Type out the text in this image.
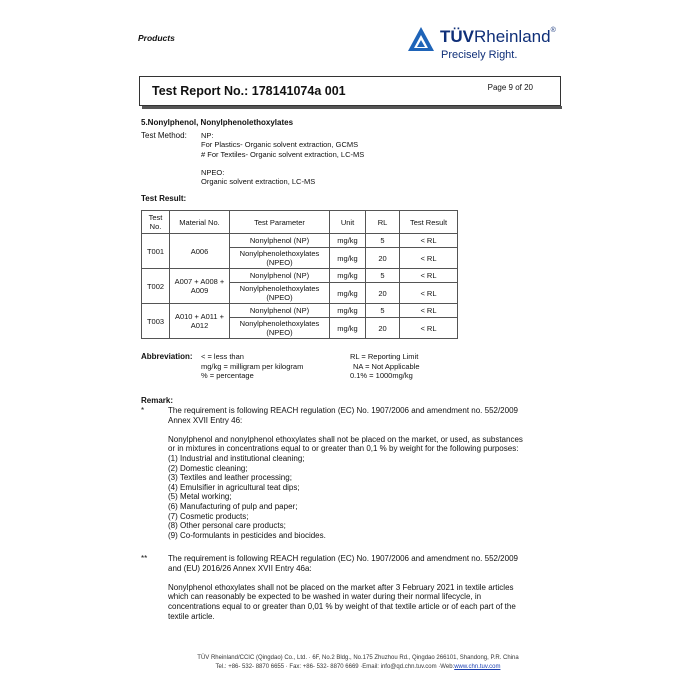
Products	TÜVRheinland®
Precisely Right.
Test Report No.: 178141074a 001	Page 9 of 20
5.Nonylphenol, Nonylphenolethoxylates
Test Method: NP:
For Plastics- Organic solvent extraction, GCMS
# For Textiles- Organic solvent extraction, LC-MS
NPEO:
Organic solvent extraction, LC-MS
Test Result:
Test No.	Material No.	Test Parameter	Unit	RL	Test Result
T001	A006	Nonylphenol (NP)	mg/kg	5	< RL
		Nonylphenolethoxylates (NPEO)	mg/kg	20	< RL
T002	A007 + A008 + A009	Nonylphenol (NP)	mg/kg	5	< RL
		Nonylphenolethoxylates (NPEO)	mg/kg	20	< RL
T003	A010 + A011 + A012	Nonylphenol (NP)	mg/kg	5	< RL
		Nonylphenolethoxylates (NPEO)	mg/kg	20	< RL
Abbreviation: < = less than
mg/kg = milligram per kilogram
% = percentage
RL = Reporting Limit
NA = Not Applicable
0.1% = 1000mg/kg
Remark:
*	The requirement is following REACH regulation (EC) No. 1907/2006 and amendment no. 552/2009 Annex XVII Entry 46:
Nonylphenol and nonylphenol ethoxylates shall not be placed on the market, or used, as substances or in mixtures in concentrations equal to or greater than 0,1 % by weight for the following purposes:
(1) Industrial and institutional cleaning;
(2) Domestic cleaning;
(3) Textiles and leather processing;
(4) Emulsifier in agricultural teat dips;
(5) Metal working;
(6) Manufacturing of pulp and paper;
(7) Cosmetic products;
(8) Other personal care products;
(9) Co-formulants in pesticides and biocides.
**	The requirement is following REACH regulation (EC) No. 1907/2006 and amendment no. 552/2009 and (EU) 2016/26 Annex XVII Entry 46a:
Nonylphenol ethoxylates shall not be placed on the market after 3 February 2021 in textile articles which can reasonably be expected to be washed in water during their normal lifecycle, in concentrations equal to or greater than 0,01 % by weight of that textile article or of each part of the textile article.
TÜV Rheinland/CCIC (Qingdao) Co., Ltd. · 6F, No.2 Bldg., No.175 Zhuzhou Rd., Qingdao 266101, Shandong, P.R. China
Tel.: +86- 532- 8870 6655 · Fax: +86- 532- 8870 6669 ·Email: info@qd.chn.tuv.com ·Web:www.chn.tuv.com
